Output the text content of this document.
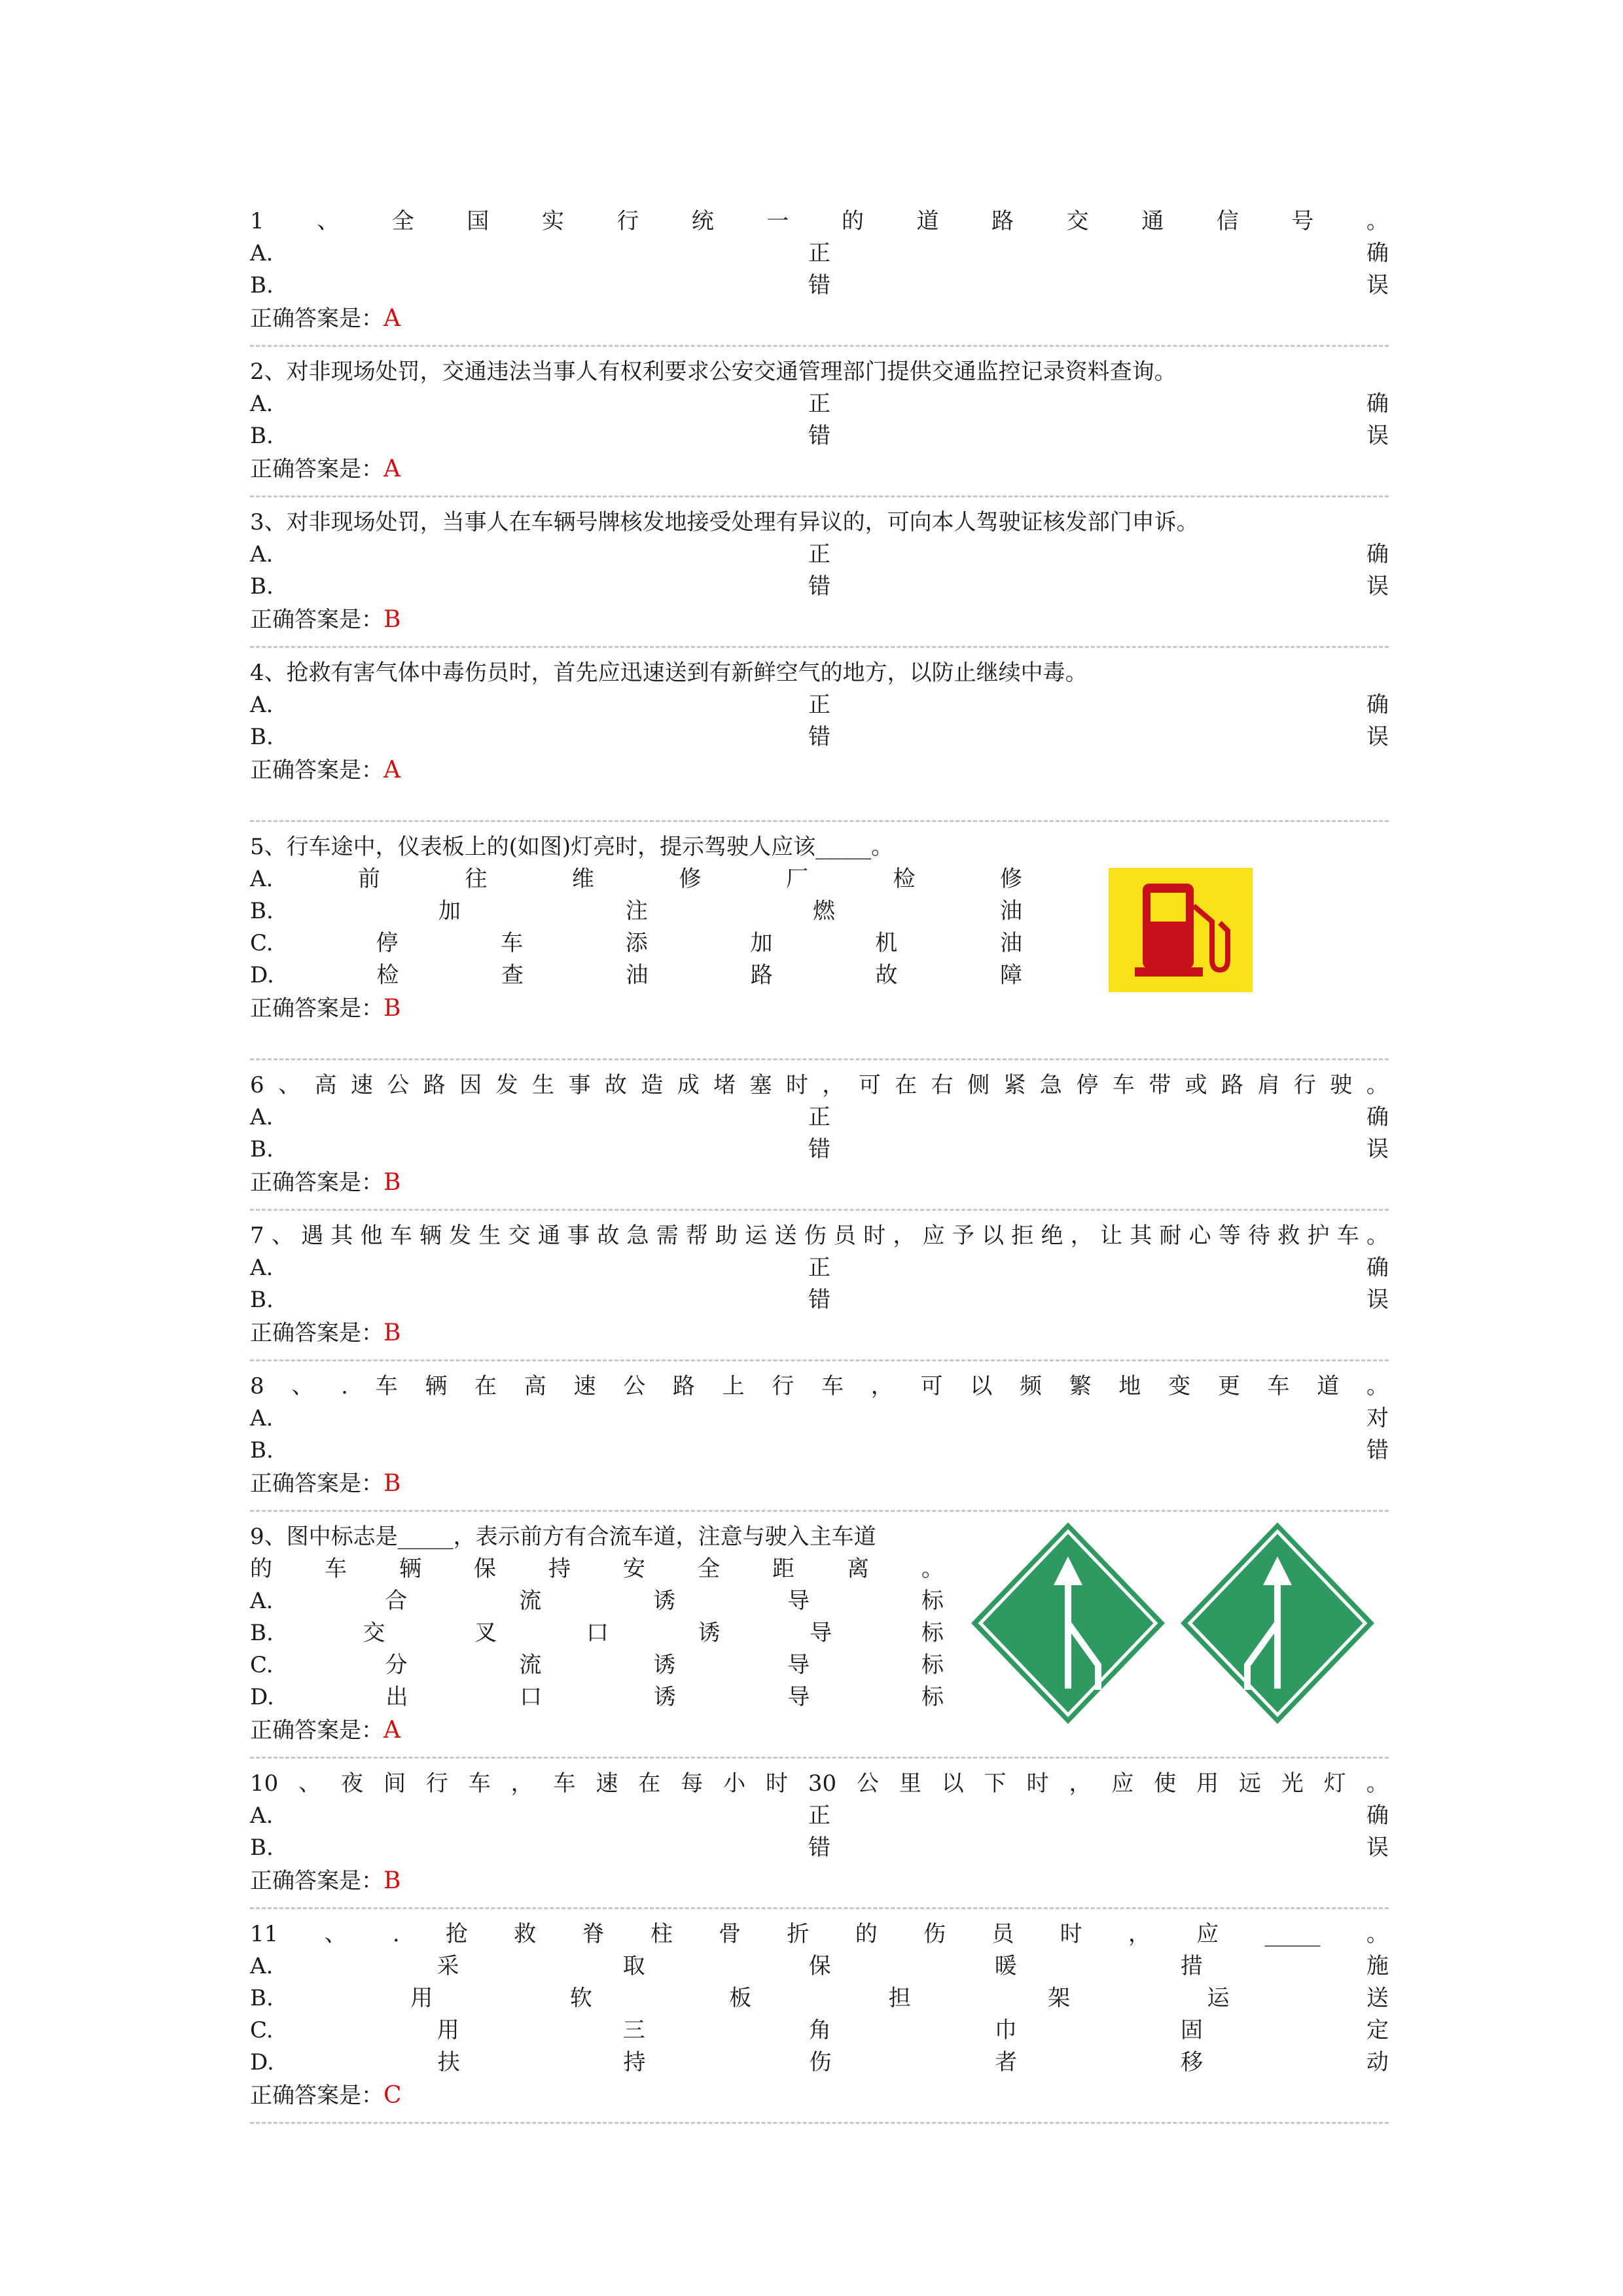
1 、 全 国 实 行 统 一 的 道 路 交 通 信 号 。
A.	正	确
B.	错	误
正确答案是：A
2、对非现场处罚，交通违法当事人有权利要求公安交通管理部门提供交通监控记录资料查询。
A.	正	确
B.	错	误
正确答案是：A
3、对非现场处罚，当事人在车辆号牌核发地接受处理有异议的，可向本人驾驶证核发部门申诉。
A.	正	确
B.	错	误
正确答案是：B
4、抢救有害气体中毒伤员时，首先应迅速送到有新鲜空气的地方，以防止继续中毒。
A.	正	确
B.	错	误
正确答案是：A
5、行车途中，仪表板上的(如图)灯亮时，提示驾驶人应该_____。
A.	前	往	维	修	厂	检	修
B.	加	注	燃	油
C.	停	车	添	加	机	油
D.	检	查	油	路	故	障
正确答案是：B
6 、 高 速 公 路 因 发 生 事 故 造 成 堵 塞 时 ， 可 在 右 侧 紧 急 停 车 带 或 路 肩 行 驶 。
A.	正	确
B.	错	误
正确答案是：B
7 、 遇 其 他 车 辆 发 生 交 通 事 故 急 需 帮 助 运 送 伤 员 时 ， 应 予 以 拒 绝 ， 让 其 耐 心 等 待 救 护 车 。
A.	正	确
B.	错	误
正确答案是：B
8 、 . 车 辆 在 高 速 公 路 上 行 车 ， 可 以 频 繁 地 变 更 车 道 。
A.	对
B.	错
正确答案是：B
9、图中标志是_____，表示前方有合流车道，注意与驶入主车道
的 车 辆 保 持 安 全 距 离 。
A.	合	流	诱	导	标
B.	交	叉	口	诱	导	标
C.	分	流	诱	导	标
D.	出	口	诱	导	标
正确答案是：A
10 、 夜 间 行 车 ， 车 速 在 每 小 时 30 公 里 以 下 时 ， 应 使 用 远 光 灯 。
A.	正	确
B.	错	误
正确答案是：B
11 、 . 抢 救 脊 柱 骨 折 的 伤 员 时 ， 应 _____ 。
A.	采	取	保	暖	措	施
B.	用	软	板	担	架	运	送
C.	用	三	角	巾	固	定
D.	扶	持	伤	者	移	动
正确答案是：C
